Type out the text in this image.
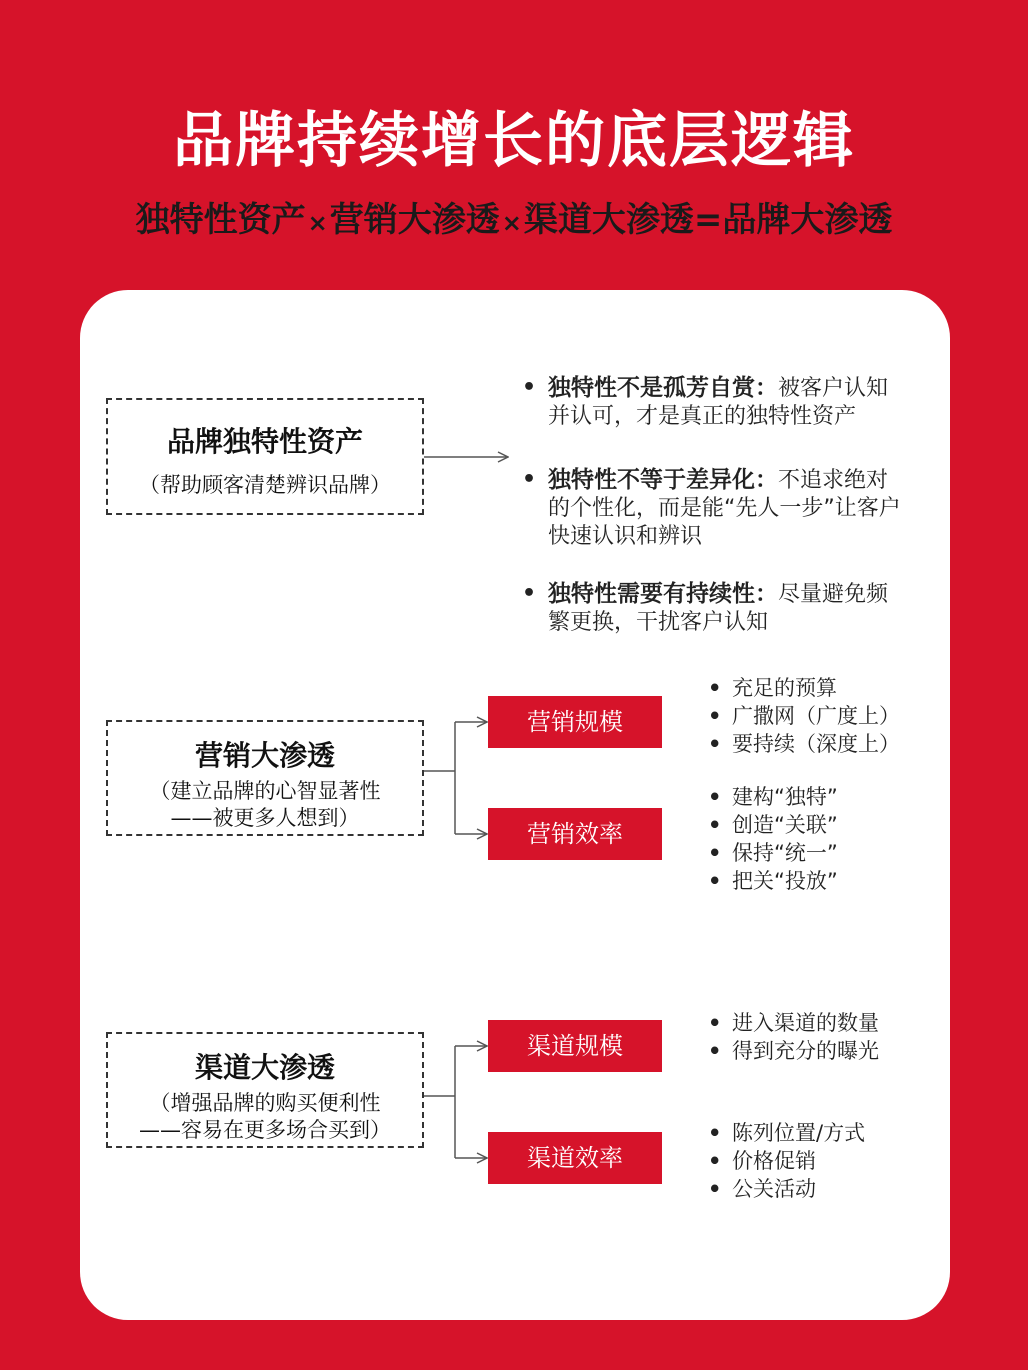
品牌持续增长的底层逻辑
独特性资产×营销大渗透×渠道大渗透=品牌大渗透
品牌独特性资产
（帮助顾客清楚辨识品牌）
• 独特性不是孤芳自赏：被客户认知并认可，才是真正的独特性资产
• 独特性不等于差异化：不追求绝对的个性化，而是能“先人一步”让客户快速认识和辨识
• 独特性需要有持续性：尽量避免频繁更换，干扰客户认知
营销大渗透
（建立品牌的心智显著性
——被更多人想到）
营销规模
营销效率
• 充足的预算
• 广撒网（广度上）
• 要持续（深度上）
• 建构“独特”
• 创造“关联”
• 保持“统一”
• 把关“投放”
渠道大渗透
（增强品牌的购买便利性
——容易在更多场合买到）
渠道规模
渠道效率
• 进入渠道的数量
• 得到充分的曝光
• 陈列位置/方式
• 价格促销
• 公关活动
